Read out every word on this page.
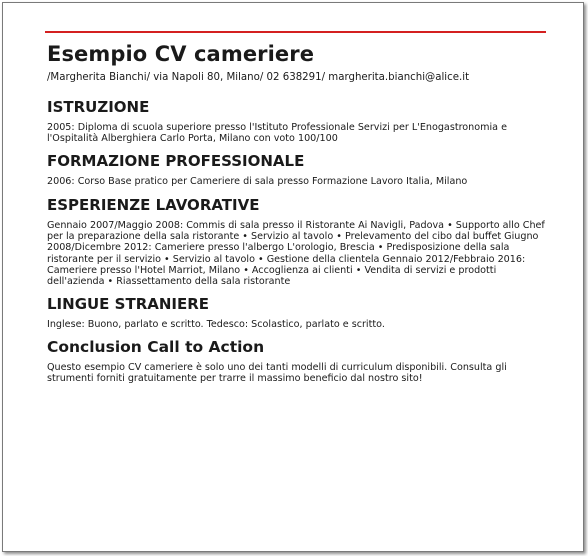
Esempio CV cameriere

/Margherita Bianchi/ via Napoli 80, Milano/ 02 638291/ margherita.bianchi@alice.it

ISTRUZIONE

2005: Diploma di scuola superiore presso l'Istituto Professionale Servizi per L'Enogastronomia e l'Ospitalità Alberghiera Carlo Porta, Milano con voto 100/100

FORMAZIONE PROFESSIONALE

2006: Corso Base pratico per Cameriere di sala presso Formazione Lavoro Italia, Milano

ESPERIENZE LAVORATIVE

Gennaio 2007/Maggio 2008: Commis di sala presso il Ristorante Ai Navigli, Padova • Supporto allo Chef per la preparazione della sala ristorante • Servizio al tavolo • Prelevamento del cibo dal buffet Giugno 2008/Dicembre 2012: Cameriere presso l'albergo L'orologio, Brescia • Predisposizione della sala ristorante per il servizio • Servizio al tavolo • Gestione della clientela Gennaio 2012/Febbraio 2016: Cameriere presso l'Hotel Marriot, Milano • Accoglienza ai clienti • Vendita di servizi e prodotti dell'azienda • Riassettamento della sala ristorante

LINGUE STRANIERE

Inglese: Buono, parlato e scritto. Tedesco: Scolastico, parlato e scritto.

Conclusion Call to Action

Questo esempio CV cameriere è solo uno dei tanti modelli di curriculum disponibili. Consulta gli strumenti forniti gratuitamente per trarre il massimo beneficio dal nostro sito!
